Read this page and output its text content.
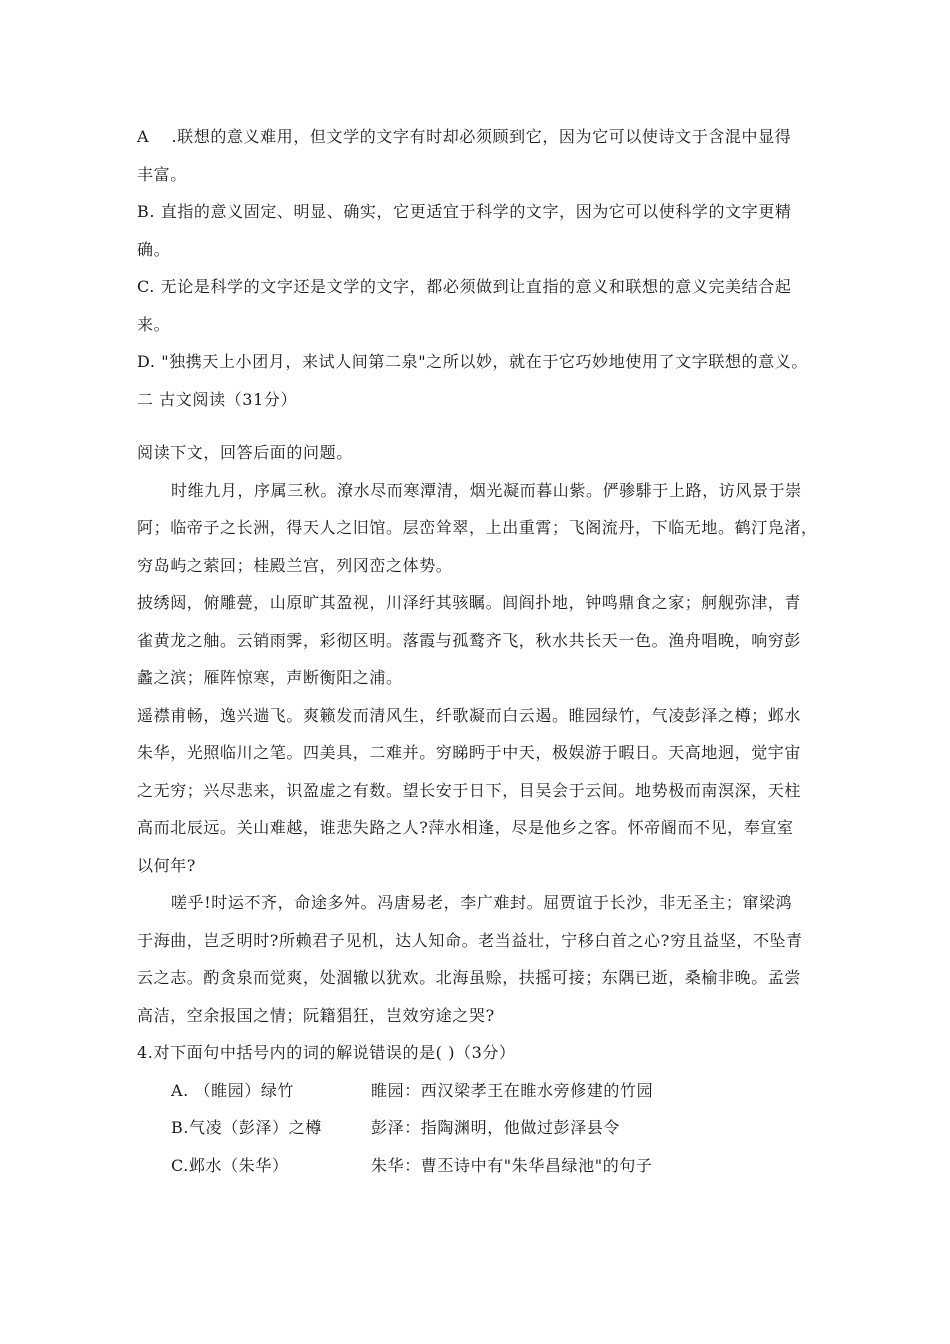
A　 .联想的意义难用，但文学的文字有时却必须顾到它，因为它可以使诗文于含混中显得
丰富。
B. 直指的意义固定、明显、确实，它更适宜于科学的文字，因为它可以使科学的文字更精
确。
C. 无论是科学的文字还是文学的文字，都必须做到让直指的意义和联想的意义完美结合起
来。
D. "独携天上小团月，来试人间第二泉"之所以妙，就在于它巧妙地使用了文字联想的意义。
二 古文阅读（31分）
阅读下文，回答后面的问题。
时维九月，序属三秋。潦水尽而寒潭清，烟光凝而暮山紫。俨骖騑于上路，访风景于崇
阿；临帝子之长洲，得天人之旧馆。层峦耸翠，上出重霄；飞阁流丹，下临无地。鹤汀凫渚，
穷岛屿之萦回；桂殿兰宫，列冈峦之体势。
披绣闼，俯雕甍，山原旷其盈视，川泽纡其骇瞩。闾阎扑地，钟鸣鼎食之家；舸舰弥津，青
雀黄龙之舳。云销雨霁，彩彻区明。落霞与孤鹜齐飞，秋水共长天一色。渔舟唱晚，响穷彭
蠡之滨；雁阵惊寒，声断衡阳之浦。
遥襟甫畅，逸兴遄飞。爽籁发而清风生，纤歌凝而白云遏。睢园绿竹，气凌彭泽之樽；邺水
朱华，光照临川之笔。四美具，二难并。穷睇眄于中天，极娱游于暇日。天高地迥，觉宇宙
之无穷；兴尽悲来，识盈虚之有数。望长安于日下，目吴会于云间。地势极而南溟深，天柱
高而北辰远。关山难越，谁悲失路之人?萍水相逢，尽是他乡之客。怀帝阍而不见，奉宣室
以何年?
嗟乎!时运不齐，命途多舛。冯唐易老，李广难封。屈贾谊于长沙，非无圣主；窜梁鸿
于海曲，岂乏明时?所赖君子见机，达人知命。老当益壮，宁移白首之心?穷且益坚，不坠青
云之志。酌贪泉而觉爽，处涸辙以犹欢。北海虽赊，扶摇可接；东隅已逝，桑榆非晚。孟尝
高洁，空余报国之情；阮籍猖狂，岂效穷途之哭?
4.对下面句中括号内的词的解说错误的是( )（3分）
A. （睢园）绿竹	睢园：西汉梁孝王在睢水旁修建的竹园
B.气凌（彭泽）之樽	彭泽：指陶渊明，他做过彭泽县令
C.邺水（朱华）	朱华：曹丕诗中有"朱华昌绿池"的句子
